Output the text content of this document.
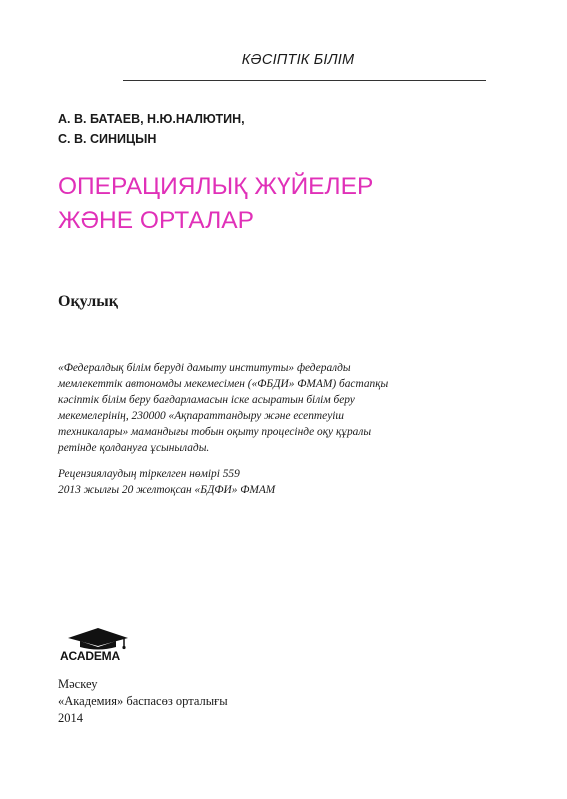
КӘСІПТІК БІЛІМ
А. В. БАТАЕВ, Н.Ю.НАЛЮТИН,
С. В. СИНИЦЫН
ОПЕРАЦИЯЛЫҚ ЖҮЙЕЛЕР
ЖӘНЕ ОРТАЛАР
Оқулық
«Федералдық білім беруді дамыту институты» федералды
мемлекеттік автономды мекемесімен («ФБДИ» ФМАМ) бастапқы
кәсіптік білім беру бағдарламасын іске асыратын білім беру
мекемелерінің, 230000 «Ақпараттандыру және есептеуіш
техникалары» мамандығы тобын оқыту процесінде оқу құралы
ретінде қолдануға ұсынылады.
Рецензиялаудың тіркелген нөмірі 559
2013 жылғы 20 желтоқсан «БДФИ» ФМАМ
ACADEMA
Мәскеу
«Академия» баспасөз орталығы
2014
